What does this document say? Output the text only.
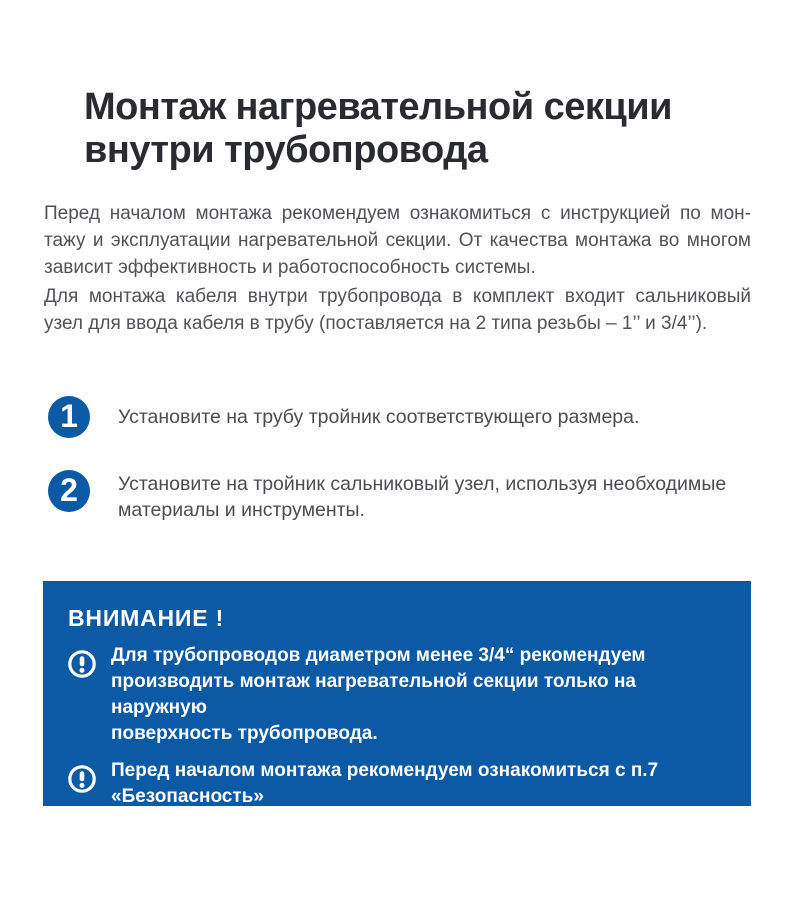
Монтаж нагревательной секции
внутри трубопровода
Перед началом монтажа рекомендуем ознакомиться с инструкцией по мон-
тажу и эксплуатации нагревательной секции. От качества монтажа во многом
зависит эффективность и работоспособность системы.
Для монтажа кабеля внутри трубопровода в комплект входит сальниковый
узел для ввода кабеля в трубу (поставляется на 2 типа резьбы – 1’’ и 3/4’’).
1 Установите на трубу тройник соответствующего размера.
2 Установите на тройник сальниковый узел, используя необходимые
материалы и инструменты.
ВНИМАНИЕ !
Для трубопроводов диаметром менее 3/4“ рекомендуем
производить монтаж нагревательной секции только на наружную
поверхность трубопровода.
Перед началом монтажа рекомендуем ознакомиться с п.7
«Безопасность»
